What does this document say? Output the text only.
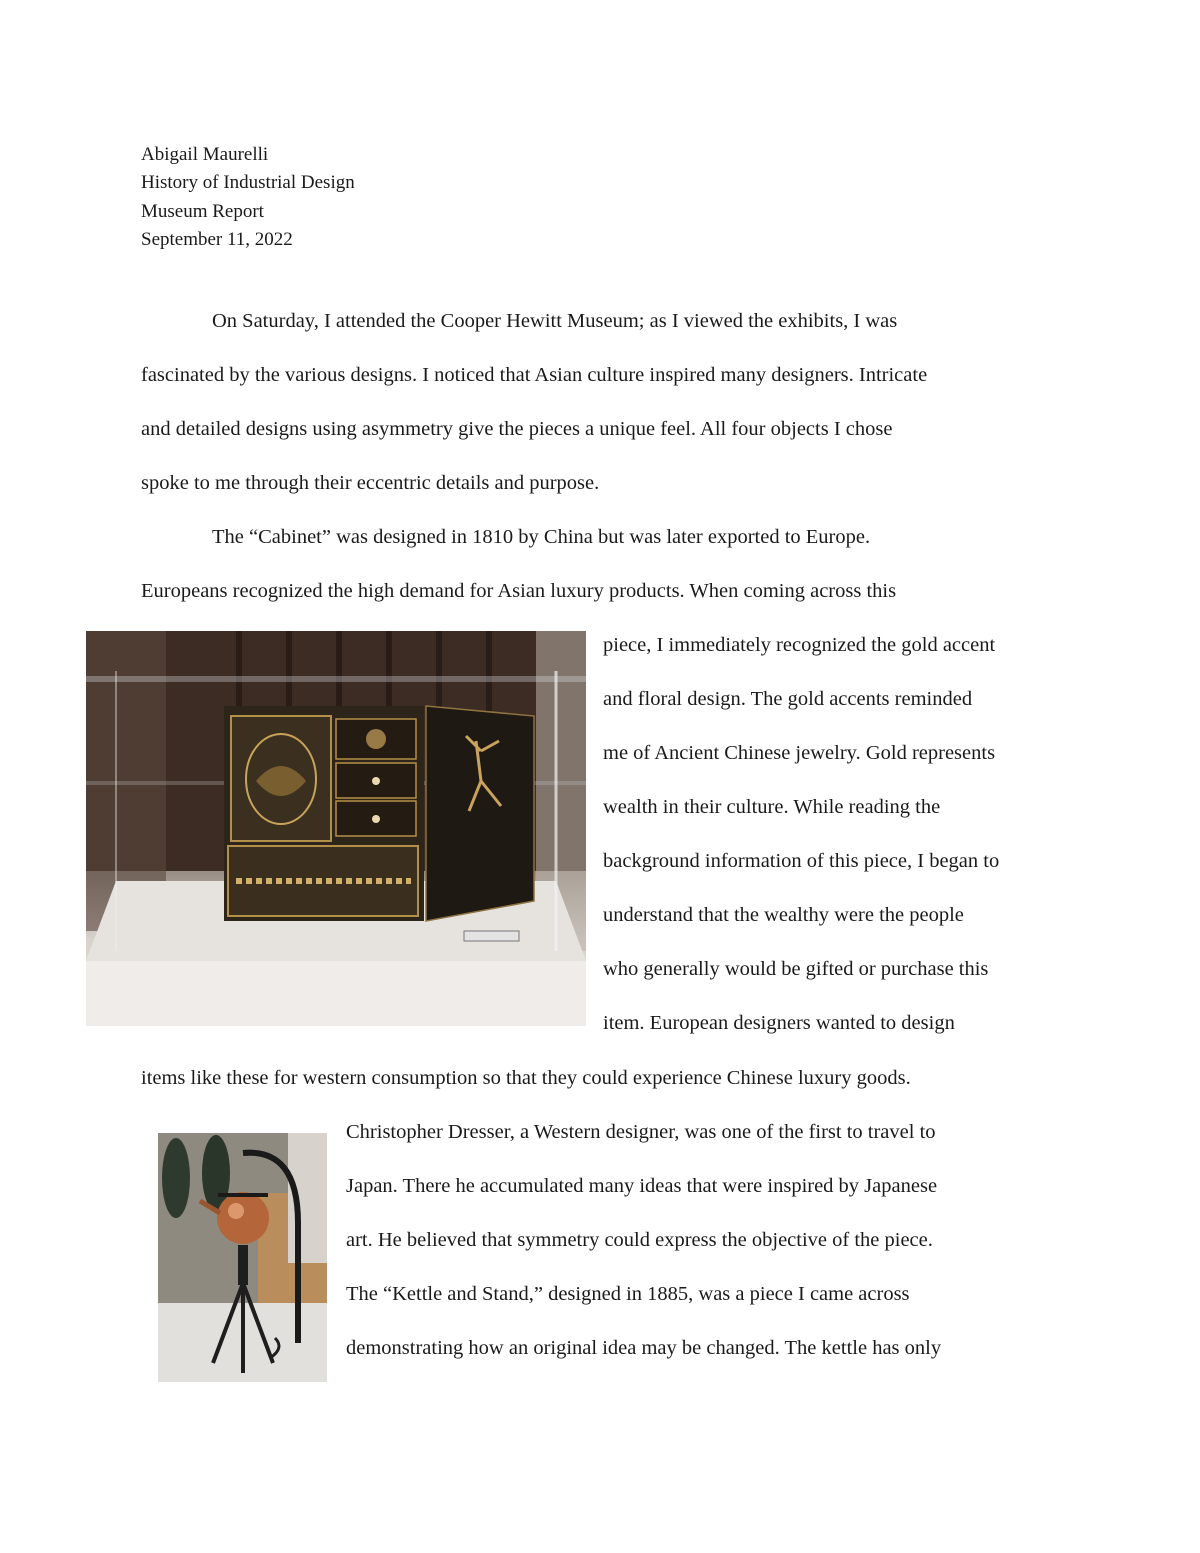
Abigail Maurelli
History of Industrial Design
Museum Report
September 11, 2022
On Saturday, I attended the Cooper Hewitt Museum; as I viewed the exhibits, I was
fascinated by the various designs. I noticed that Asian culture inspired many designers. Intricate
and detailed designs using asymmetry give the pieces a unique feel. All four objects I chose
spoke to me through their eccentric details and purpose.
The “Cabinet” was designed in 1810 by China but was later exported to Europe.
Europeans recognized the high demand for Asian luxury products. When coming across this
piece, I immediately recognized the gold accent
and floral design. The gold accents reminded
me of Ancient Chinese jewelry. Gold represents
wealth in their culture. While reading the
background information of this piece, I began to
understand that the wealthy were the people
who generally would be gifted or purchase this
item. European designers wanted to design
items like these for western consumption so that they could experience Chinese luxury goods.
Christopher Dresser, a Western designer, was one of the first to travel to
Japan. There he accumulated many ideas that were inspired by Japanese
art. He believed that symmetry could express the objective of the piece.
The “Kettle and Stand,” designed in 1885, was a piece I came across
demonstrating how an original idea may be changed. The kettle has only
